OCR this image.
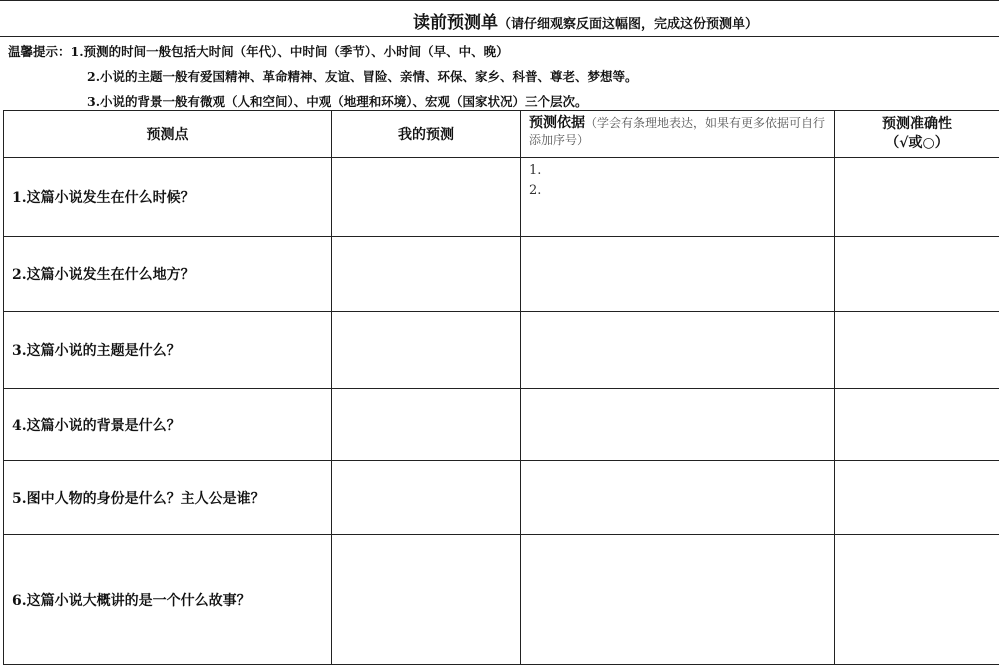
读前预测单（请仔细观察反面这幅图，完成这份预测单）
温馨提示：1.预测的时间一般包括大时间（年代）、中时间（季节）、小时间（早、中、晚）
2.小说的主题一般有爱国精神、革命精神、友谊、冒险、亲情、环保、家乡、科普、尊老、梦想等。
3.小说的背景一般有微观（人和空间）、中观（地理和环境）、宏观（国家状况）三个层次。
预测点	我的预测	预测依据（学会有条理地表达，如果有更多依据可自行添加序号）	预测准确性
（√或○）

1.这篇小说发生在什么时候？		1.
2.	

2.这篇小说发生在什么地方？			
3.这篇小说的主题是什么？			
4.这篇小说的背景是什么？			
5.图中人物的身份是什么？主人公是谁？			
6.这篇小说大概讲的是一个什么故事？			
